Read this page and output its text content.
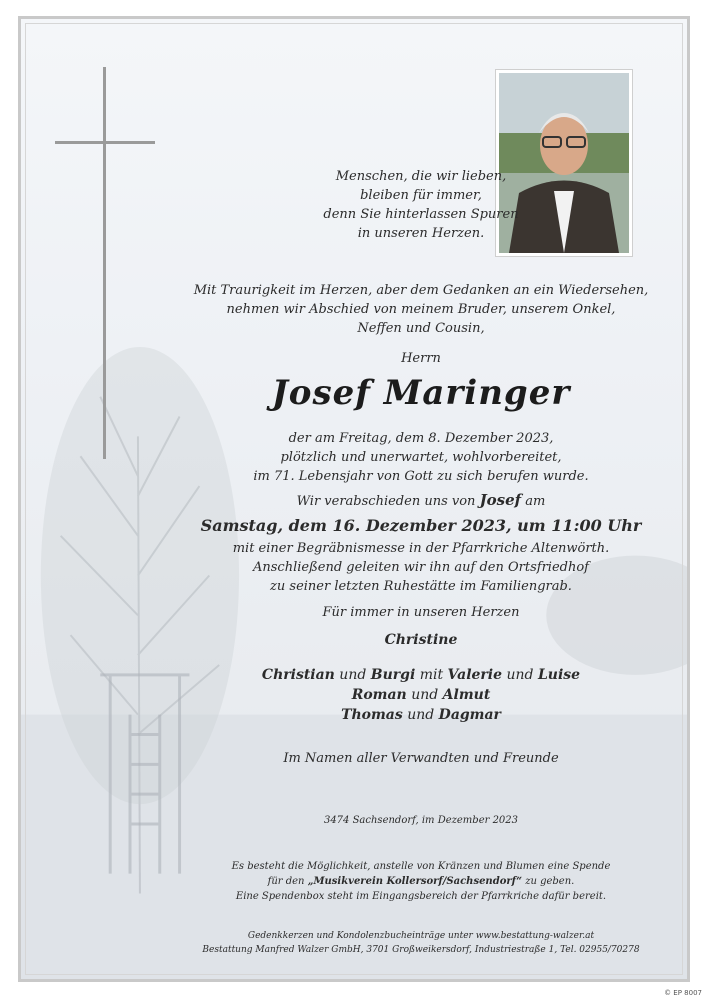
Menschen, die wir lieben,
bleiben für immer,
denn Sie hinterlassen Spuren
in unseren Herzen.
Mit Traurigkeit im Herzen, aber dem Gedanken an ein Wiedersehen,
nehmen wir Abschied von meinem Bruder, unserem Onkel,
Neffen und Cousin,
Herrn
Josef Maringer
der am Freitag, dem 8. Dezember 2023,
plötzlich und unerwartet, wohlvorbereitet,
im 71. Lebensjahr von Gott zu sich berufen wurde.
Wir verabschieden uns von Josef am
Samstag, dem 16. Dezember 2023, um 11:00 Uhr
mit einer Begräbnismesse in der Pfarrkriche Altenwörth.
Anschließend geleiten wir ihn auf den Ortsfriedhof
zu seiner letzten Ruhestätte im Familiengrab.
Für immer in unseren Herzen
Christine
Christian und Burgi mit Valerie und Luise
Roman und Almut
Thomas und Dagmar
Im Namen aller Verwandten und Freunde
3474 Sachsendorf, im Dezember 2023
Es besteht die Möglichkeit, anstelle von Kränzen und Blumen eine Spende
für den „Musikverein Kollersorf/Sachsendorf“ zu geben.
Eine Spendenbox steht im Eingangsbereich der Pfarrkriche dafür bereit.
Gedenkkerzen und Kondolenzbucheinträge unter www.bestattung-walzer.at
Bestattung Manfred Walzer GmbH, 3701 Großweikersdorf, Industriestraße 1, Tel. 02955/70278
© EP 8007
